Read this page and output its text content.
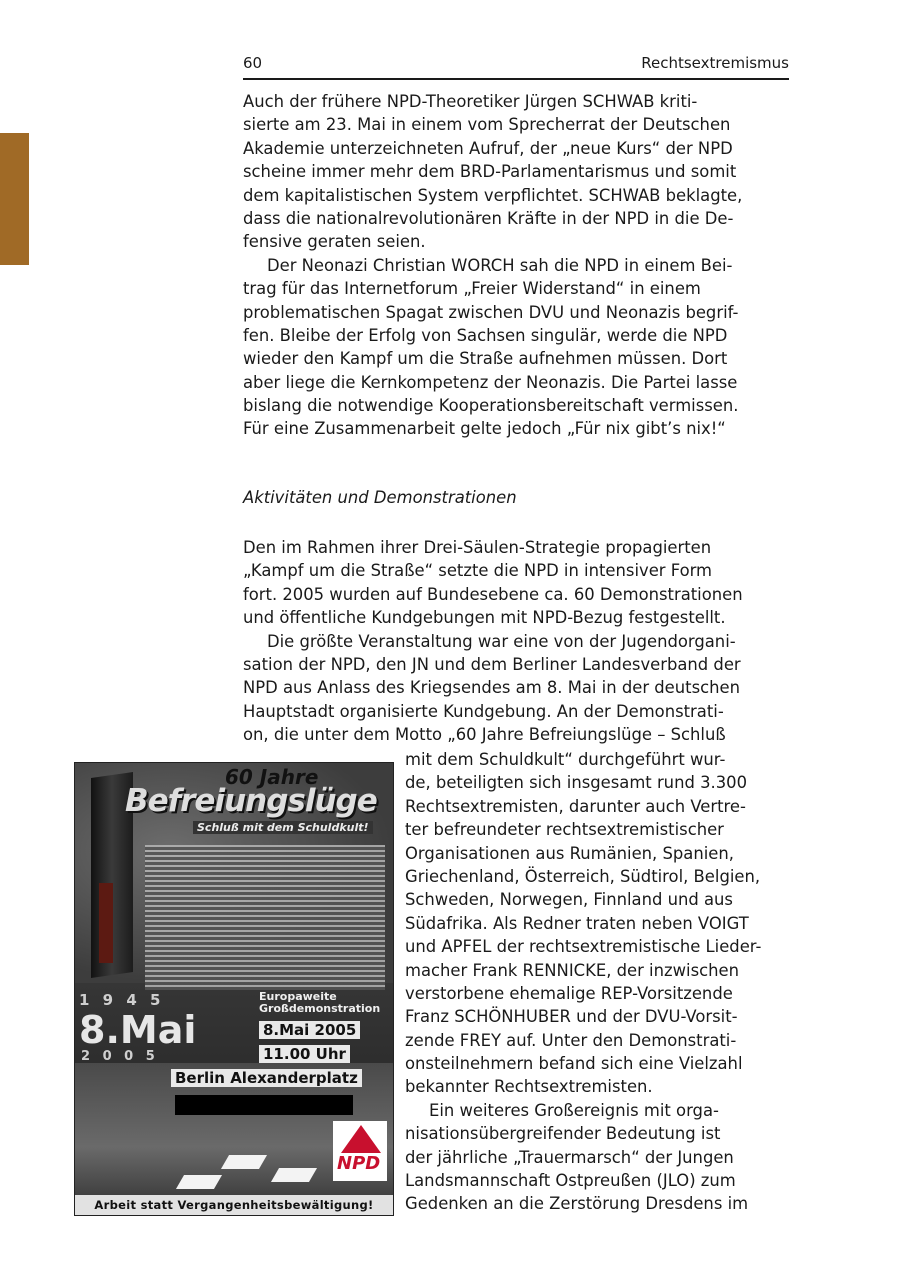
60	Rechtsextremismus
Auch der frühere NPD-Theoretiker Jürgen SCHWAB kriti-
sierte am 23. Mai in einem vom Sprecherrat der Deutschen
Akademie unterzeichneten Aufruf, der „neue Kurs“ der NPD
scheine immer mehr dem BRD-Parlamentarismus und somit
dem kapitalistischen System verpflichtet. SCHWAB beklagte,
dass die nationalrevolutionären Kräfte in der NPD in die De-
fensive geraten seien.
Der Neonazi Christian WORCH sah die NPD in einem Bei-
trag für das Internetforum „Freier Widerstand“ in einem
problematischen Spagat zwischen DVU und Neonazis begrif-
fen. Bleibe der Erfolg von Sachsen singulär, werde die NPD
wieder den Kampf um die Straße aufnehmen müssen. Dort
aber liege die Kernkompetenz der Neonazis. Die Partei lasse
bislang die notwendige Kooperationsbereitschaft vermissen.
Für eine Zusammenarbeit gelte jedoch „Für nix gibt’s nix!“
Aktivitäten und Demonstrationen
Den im Rahmen ihrer Drei-Säulen-Strategie propagierten
„Kampf um die Straße“ setzte die NPD in intensiver Form
fort. 2005 wurden auf Bundesebene ca. 60 Demonstrationen
und öffentliche Kundgebungen mit NPD-Bezug festgestellt.
Die größte Veranstaltung war eine von der Jugendorgani-
sation der NPD, den JN und dem Berliner Landesverband der
NPD aus Anlass des Kriegsendes am 8. Mai in der deutschen
Hauptstadt organisierte Kundgebung. An der Demonstrati-
on, die unter dem Motto „60 Jahre Befreiungslüge – Schluß
mit dem Schuldkult“ durchgeführt wur-
de, beteiligten sich insgesamt rund 3.300
Rechtsextremisten, darunter auch Vertre-
ter befreundeter rechtsextremistischer
Organisationen aus Rumänien, Spanien,
Griechenland, Österreich, Südtirol, Belgien,
Schweden, Norwegen, Finnland und aus
Südafrika. Als Redner traten neben VOIGT
und APFEL der rechtsextremistische Lieder-
macher Frank RENNICKE, der inzwischen
verstorbene ehemalige REP-Vorsitzende
Franz SCHÖNHUBER und der DVU-Vorsit-
zende FREY auf. Unter den Demonstrati-
onsteilnehmern befand sich eine Vielzahl
bekannter Rechtsextremisten.
Ein weiteres Großereignis mit orga-
nisationsübergreifender Bedeutung ist
der jährliche „Trauermarsch“ der Jungen
Landsmannschaft Ostpreußen (JLO) zum
Gedenken an die Zerstörung Dresdens im
60 Jahre
Befreiungslüge
Schluß mit dem Schuldkult!
1 9 4 5
8.Mai
2 0 0 5
Europaweite Großdemonstration
8.Mai 2005
11.00 Uhr
Berlin Alexanderplatz
NPD
Arbeit statt Vergangenheitsbewältigung!
